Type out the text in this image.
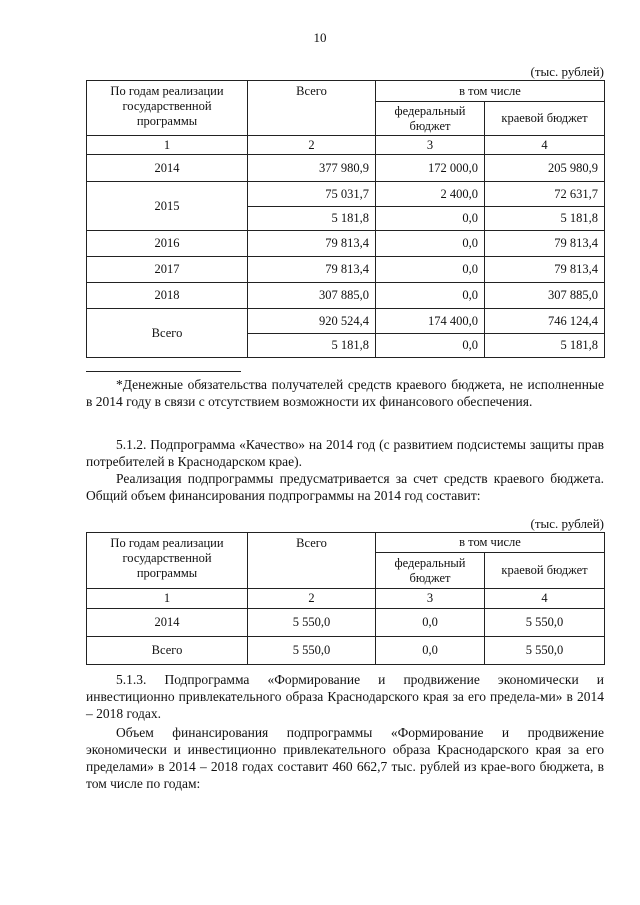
10
(тыс. рублей)
По годам реализации государственной программы	Всего	в том числе	
		федеральный бюджет	краевой бюджет
1	2	3	4
2014	377 980,9	172 000,0	205 980,9
2015	75 031,7	2 400,0	72 631,7
	5 181,8	0,0	5 181,8
2016	79 813,4	0,0	79 813,4
2017	79 813,4	0,0	79 813,4
2018	307 885,0	0,0	307 885,0
Всего	920 524,4	174 400,0	746 124,4
	5 181,8	0,0	5 181,8

*Денежные обязательства получателей средств краевого бюджета, не исполненные в 2014 году в связи с отсутствием возможности их финансового обеспечения.

5.1.2. Подпрограмма «Качество» на 2014 год (с развитием подсистемы защиты прав потребителей в Краснодарском крае).

Реализация подпрограммы предусматривается за счет средств краевого бюджета. Общий объем финансирования подпрограммы на 2014 год составит:

(тыс. рублей)
По годам реализации государственной программы	Всего	в том числе	
		федеральный бюджет	краевой бюджет
1	2	3	4
2014	5 550,0	0,0	5 550,0
Всего	5 550,0	0,0	5 550,0

5.1.3. Подпрограмма «Формирование и продвижение экономически и инвестиционно привлекательного образа Краснодарского края за его предела-ми» в 2014 – 2018 годах.

Объем финансирования подпрограммы «Формирование и продвижение экономически и инвестиционно привлекательного образа Краснодарского края за его пределами» в 2014 – 2018 годах составит 460 662,7 тыс. рублей из крае-вого бюджета, в том числе по годам:
